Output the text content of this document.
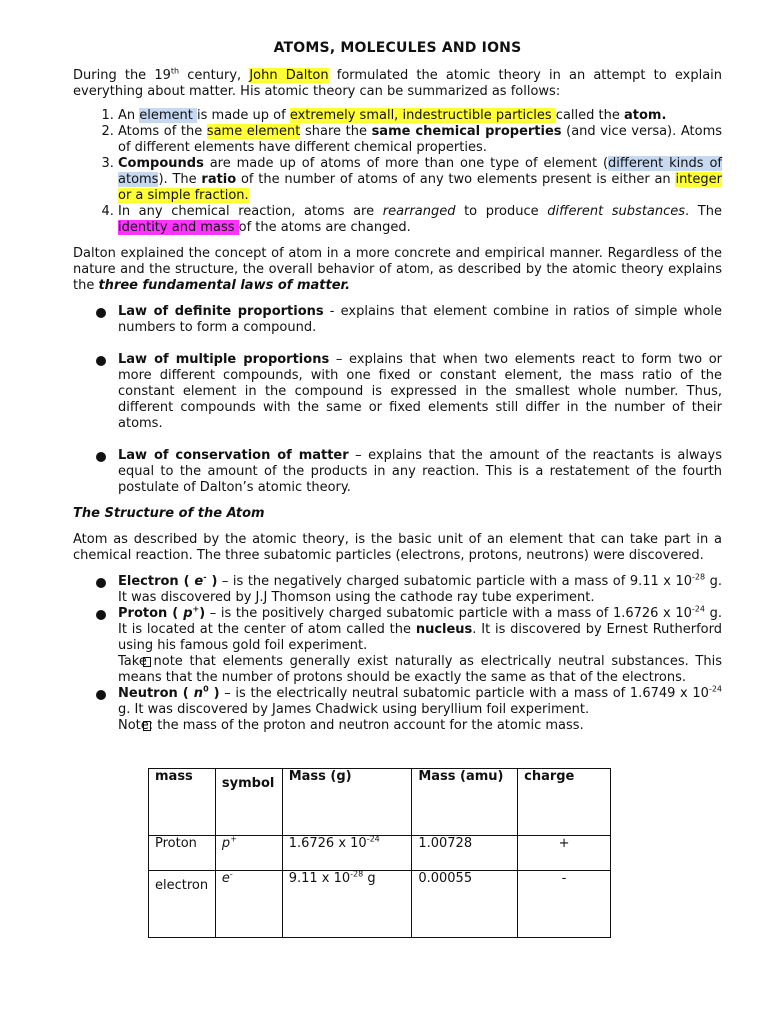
ATOMS, MOLECULES AND IONS

During the 19th century, John Dalton formulated the atomic theory in an attempt to explain everything about matter. His atomic theory can be summarized as follows:

1. An element is made up of extremely small, indestructible particles called the atom.
2. Atoms of the same element share the same chemical properties (and vice versa). Atoms of different elements have different chemical properties.
3. Compounds are made up of atoms of more than one type of element (different kinds of atoms). The ratio of the number of atoms of any two elements present is either an integer or a simple fraction.
4. In any chemical reaction, atoms are rearranged to produce different substances. The identity and mass of the atoms are changed.

Dalton explained the concept of atom in a more concrete and empirical manner. Regardless of the nature and the structure, the overall behavior of atom, as described by the atomic theory explains the three fundamental laws of matter.

Law of definite proportions - explains that element combine in ratios of simple whole numbers to form a compound.
Law of multiple proportions – explains that when two elements react to form two or more different compounds, with one fixed or constant element, the mass ratio of the constant element in the compound is expressed in the smallest whole number. Thus, different compounds with the same or fixed elements still differ in the number of their atoms.
Law of conservation of matter – explains that the amount of the reactants is always equal to the amount of the products in any reaction. This is a restatement of the fourth postulate of Dalton’s atomic theory.
The Structure of the Atom

Atom as described by the atomic theory, is the basic unit of an element that can take part in a chemical reaction. The three subatomic particles (electrons, protons, neutrons) were discovered.

Electron ( e- ) – is the negatively charged subatomic particle with a mass of 9.11 x $10^{-28}$ g. It was discovered by J.J Thomson using the cathode ray tube experiment.
Proton ( p+) – is the positively charged subatomic particle with a mass of 1.6726 x $10^{-24}$ g. It is located at the center of atom called the nucleus. It is discovered by Ernest Rutherford using his famous gold foil experiment.
Take note that elements generally exist naturally as electrically neutral substances. This means that the number of protons should be exactly the same as that of the electrons.
Neutron ( $n^0$ ) – is the electrically neutral subatomic particle with a mass of 1.6749 x $10^{-24}$ g. It was discovered by James Chadwick using beryllium foil experiment.
Note: the mass of the proton and neutron account for the atomic mass.
mass	symbol	Mass (g)	Mass (amu)	charge
Proton	p+	1.6726 x $10^{-24}$	1.00728	+
electron	e-	9.11 x $10^{-28}$ g	0.00055	-
